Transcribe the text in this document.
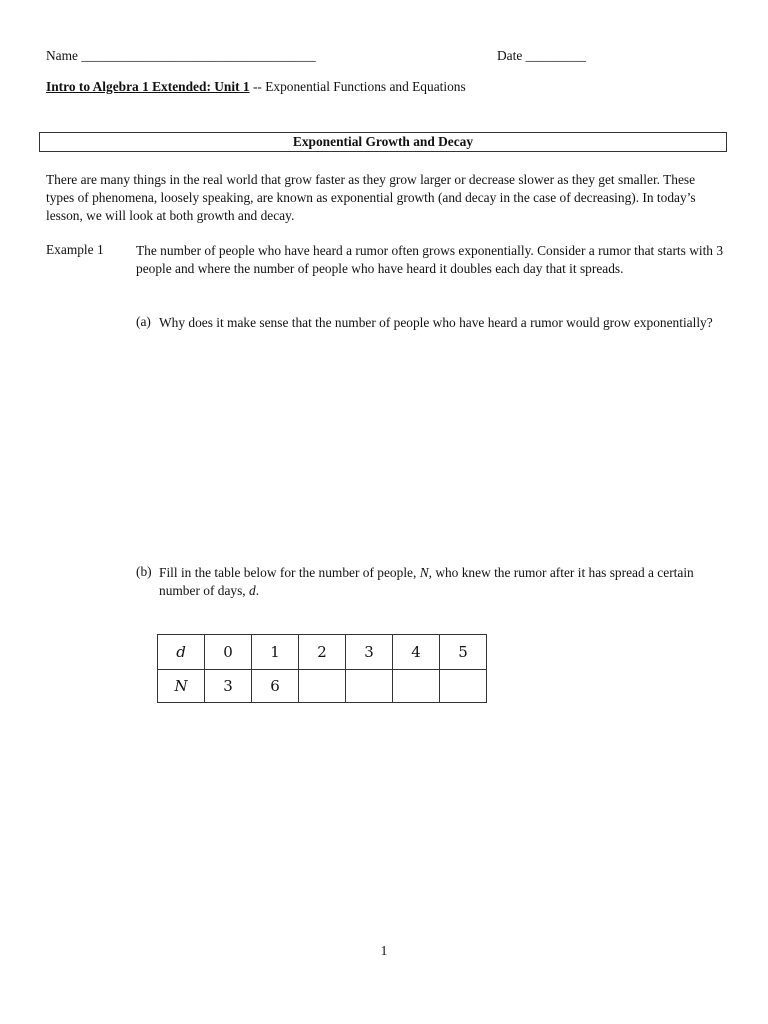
Name ___________________________________	Date _________
Intro to Algebra 1 Extended: Unit 1 -- Exponential Functions and Equations
Exponential Growth and Decay
There are many things in the real world that grow faster as they grow larger or decrease slower as they get smaller. These types of phenomena, loosely speaking, are known as exponential growth (and decay in the case of decreasing). In today’s lesson, we will look at both growth and decay.
Example 1 The number of people who have heard a rumor often grows exponentially. Consider a rumor that starts with 3 people and where the number of people who have heard it doubles each day that it spreads.
(a) Why does it make sense that the number of people who have heard a rumor would grow exponentially?
(b) Fill in the table below for the number of people, N, who knew the rumor after it has spread a certain number of days, d.
d	0	1	2	3	4	5
N	3	6				
1
